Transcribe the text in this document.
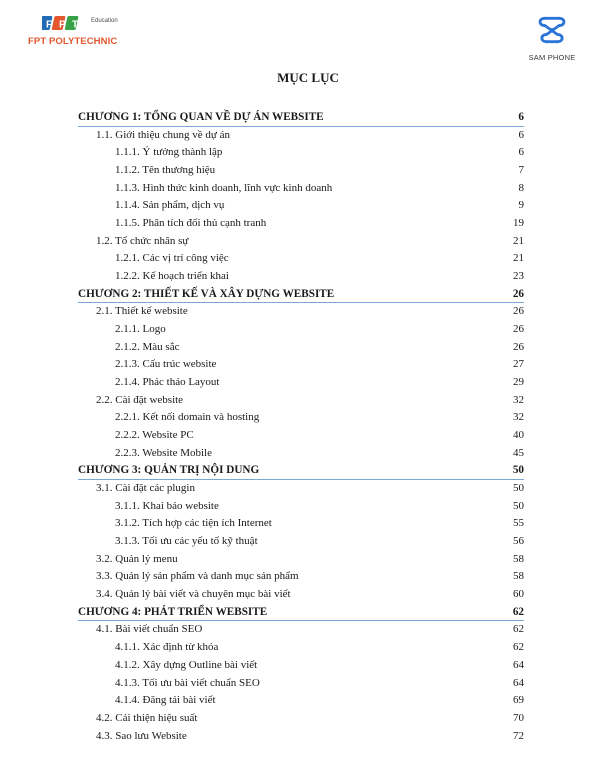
F P T Education
FPT POLYTECHNIC
SAM PHONE
MỤC LỤC
CHƯƠNG 1: TỔNG QUAN VỀ DỰ ÁN WEBSITE	6
1.1. Giới thiệu chung về dự án	6
1.1.1. Ý tưởng thành lập	6
1.1.2. Tên thương hiệu	7
1.1.3. Hình thức kinh doanh, lĩnh vực kinh doanh	8
1.1.4. Sản phẩm, dịch vụ	9
1.1.5. Phân tích đối thủ cạnh tranh	19
1.2. Tổ chức nhân sự	21
1.2.1. Các vị trí công việc	21
1.2.2. Kế hoạch triển khai	23
CHƯƠNG 2: THIẾT KẾ VÀ XÂY DỰNG WEBSITE	26
2.1. Thiết kế website	26
2.1.1. Logo	26
2.1.2. Màu sắc	26
2.1.3. Cấu trúc website	27
2.1.4. Phác thảo Layout	29
2.2. Cài đặt website	32
2.2.1. Kết nối domain và hosting	32
2.2.2. Website PC	40
2.2.3. Website Mobile	45
CHƯƠNG 3: QUẢN TRỊ NỘI DUNG	50
3.1. Cài đặt các plugin	50
3.1.1. Khai báo website	50
3.1.2. Tích hợp các tiện ích Internet	55
3.1.3. Tối ưu các yếu tố kỹ thuật	56
3.2. Quản lý menu	58
3.3. Quản lý sản phẩm và danh mục sản phẩm	58
3.4. Quản lý bài viết và chuyên mục bài viết	60
CHƯƠNG 4: PHÁT TRIỂN WEBSITE	62
4.1. Bài viết chuẩn SEO	62
4.1.1. Xác định từ khóa	62
4.1.2. Xây dựng Outline bài viết	64
4.1.3. Tối ưu bài viết chuẩn SEO	64
4.1.4. Đăng tải bài viết	69
4.2. Cải thiện hiệu suất	70
4.3. Sao lưu Website	72
